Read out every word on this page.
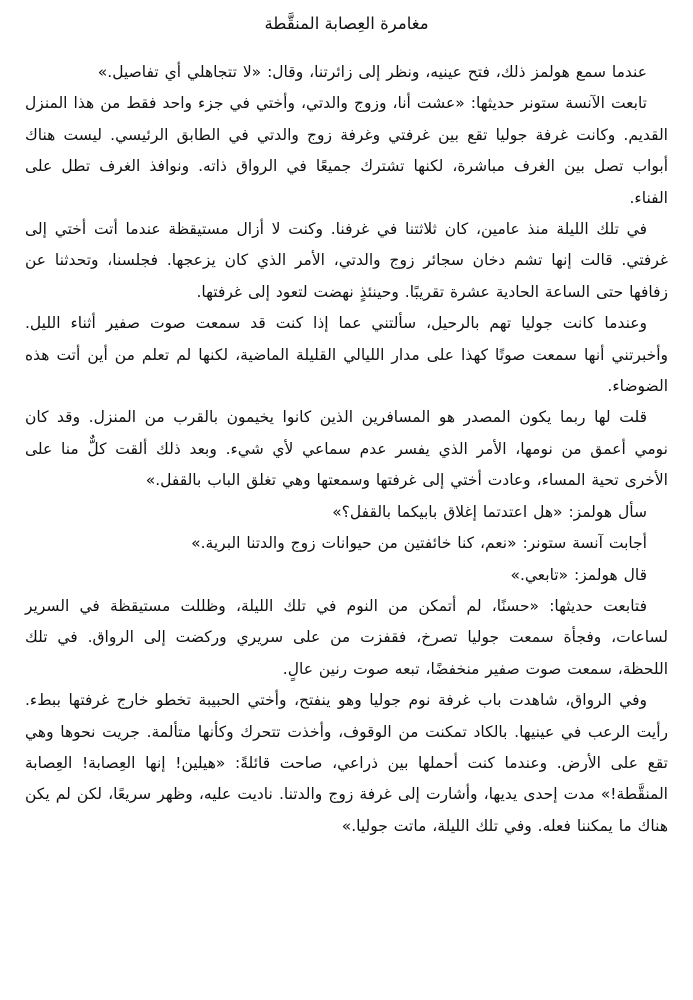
مغامرة العِصابة المنقَّطة

عندما سمع هولمز ذلك، فتح عينيه، ونظر إلى زائرتنا، وقال: «لا تتجاهلي أي تفاصيل.»

تابعت الآنسة ستونر حديثها: «عشت أنا، وزوج والدتي، وأختي في جزء واحد فقط من هذا المنزل القديم. وكانت غرفة جوليا تقع بين غرفتي وغرفة زوج والدتي في الطابق الرئيسي. ليست هناك أبواب تصل بين الغرف مباشرة، لكنها تشترك جميعًا في الرواق ذاته. ونوافذ الغرف تطل على الفناء.

في تلك الليلة منذ عامين، كان ثلاثتنا في غرفنا. وكنت لا أزال مستيقظة عندما أتت أختي إلى غرفتي. قالت إنها تشم دخان سجائر زوج والدتي، الأمر الذي كان يزعجها. فجلسنا، وتحدثنا عن زفافها حتى الساعة الحادية عشرة تقريبًا. وحينئذٍ نهضت لتعود إلى غرفتها.

وعندما كانت جوليا تهم بالرحيل، سألتني عما إذا كنت قد سمعت صوت صفير أثناء الليل. وأخبرتني أنها سمعت صوتًا كهذا على مدار الليالي القليلة الماضية، لكنها لم تعلم من أين أتت هذه الضوضاء.

قلت لها ربما يكون المصدر هو المسافرين الذين كانوا يخيمون بالقرب من المنزل. وقد كان نومي أعمق من نومها، الأمر الذي يفسر عدم سماعي لأي شيء. وبعد ذلك ألقت كلٌّ منا على الأخرى تحية المساء، وعادت أختي إلى غرفتها وسمعتها وهي تغلق الباب بالقفل.»

سأل هولمز: «هل اعتدتما إغلاق بابيكما بالقفل؟»

أجابت آنسة ستونر: «نعم، كنا خائفتين من حيوانات زوج والدتنا البرية.»

قال هولمز: «تابعي.»

فتابعت حديثها: «حسنًا، لم أتمكن من النوم في تلك الليلة، وظللت مستيقظة في السرير لساعات، وفجأة سمعت جوليا تصرخ، فقفزت من على سريري وركضت إلى الرواق. في تلك اللحظة، سمعت صوت صفير منخفضًا، تبعه صوت رنين عالٍ.

وفي الرواق، شاهدت باب غرفة نوم جوليا وهو ينفتح، وأختي الحبيبة تخطو خارج غرفتها ببطء. رأيت الرعب في عينيها. بالكاد تمكنت من الوقوف، وأخذت تتحرك وكأنها متألمة. جريت نحوها وهي تقع على الأرض. وعندما كنت أحملها بين ذراعي، صاحت قائلةً: «هيلين! إنها العِصابة! العِصابة المنقَّطة!» مدت إحدى يديها، وأشارت إلى غرفة زوج والدتنا. ناديت عليه، وظهر سريعًا، لكن لم يكن هناك ما يمكننا فعله. وفي تلك الليلة، ماتت جوليا.»
